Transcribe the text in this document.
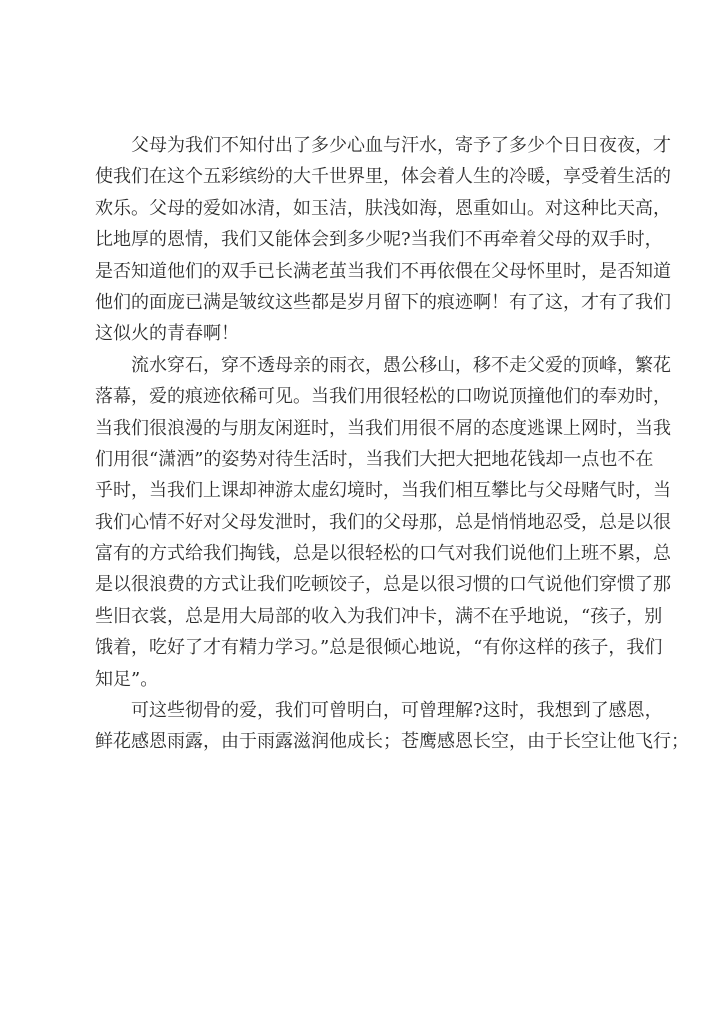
父母为我们不知付出了多少心血与汗水，寄予了多少个日日夜夜，才
使我们在这个五彩缤纷的大千世界里，体会着人生的冷暖，享受着生活的
欢乐。父母的爱如冰清，如玉洁，肤浅如海，恩重如山。对这种比天高，
比地厚的恩情，我们又能体会到多少呢?当我们不再牵着父母的双手时，
是否知道他们的双手已长满老茧当我们不再依偎在父母怀里时，是否知道
他们的面庞已满是皱纹这些都是岁月留下的痕迹啊！有了这，才有了我们
这似火的青春啊！
流水穿石，穿不透母亲的雨衣，愚公移山，移不走父爱的顶峰，繁花
落幕，爱的痕迹依稀可见。当我们用很轻松的口吻说顶撞他们的奉劝时，
当我们很浪漫的与朋友闲逛时，当我们用很不屑的态度逃课上网时，当我
们用很“潇洒”的姿势对待生活时，当我们大把大把地花钱却一点也不在
乎时，当我们上课却神游太虚幻境时，当我们相互攀比与父母赌气时，当
我们心情不好对父母发泄时，我们的父母那，总是悄悄地忍受，总是以很
富有的方式给我们掏钱，总是以很轻松的口气对我们说他们上班不累，总
是以很浪费的方式让我们吃顿饺子，总是以很习惯的口气说他们穿惯了那
些旧衣裳，总是用大局部的收入为我们冲卡，满不在乎地说，“孩子，别
饿着，吃好了才有精力学习。”总是很倾心地说，“有你这样的孩子，我们
知足”。
可这些彻骨的爱，我们可曾明白，可曾理解?这时，我想到了感恩，
鲜花感恩雨露，由于雨露滋润他成长；苍鹰感恩长空，由于长空让他飞行；
